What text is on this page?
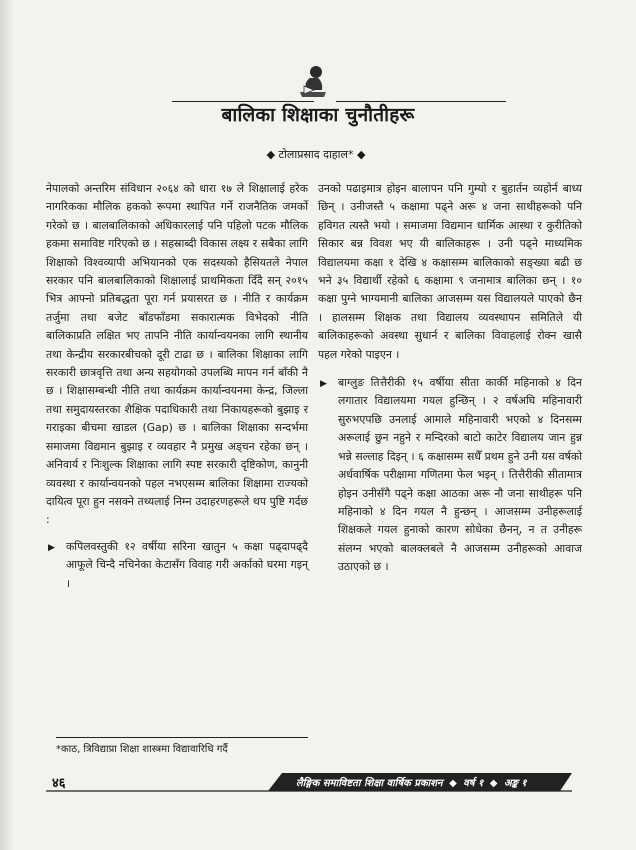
बालिका शिक्षाका चुनौतीहरू

◆ टोलाप्रसाद दाहाल* ◆

नेपालको अन्तरिम संविधान २०६४ को धारा १७ ले शिक्षालाई हरेक नागरिकका मौलिक हकको रूपमा स्थापित गर्ने राजनैतिक जमर्को गरेको छ । बालबालिकाको अधिकारलाई पनि पहिलो पटक मौलिक हकमा समाविष्ट गरिएको छ । सहस्राब्दी विकास लक्ष्य र सबैका लागि शिक्षाको विश्वव्यापी अभियानको एक सदस्यको हैसियतले नेपाल सरकार पनि बालबालिकाको शिक्षालाई प्राथमिकता दिँदै सन् २०१५ भित्र आफ्नो प्रतिबद्धता पूरा गर्न प्रयासरत छ । नीति र कार्यक्रम तर्जुमा तथा बजेट बाँडफाँडमा सकारात्मक विभेदको नीति बालिकाप्रति लक्षित भए तापनि नीति कार्यान्वयनका लागि स्थानीय तथा केन्द्रीय सरकारबीचको दूरी टाढा छ । बालिका शिक्षाका लागि सरकारी छात्रवृत्ति तथा अन्य सहयोगको उपलब्धि मापन गर्न बाँकी नै छ । शिक्षासम्बन्धी नीति तथा कार्यक्रम कार्यान्वयनमा केन्द्र, जिल्ला तथा समुदायस्तरका शैक्षिक पदाधिकारी तथा निकायहरूको बुझाइ र गराइका बीचमा खाडल (Gap) छ । बालिका शिक्षाका सन्दर्भमा समाजमा विद्यमान बुझाइ र व्यवहार नै प्रमुख अड्चन रहेका छन् । अनिवार्य र निःशुल्क शिक्षाका लागि स्पष्ट सरकारी दृष्टिकोण, कानुनी व्यवस्था र कार्यान्वयनको पहल नभएसम्म बालिका शिक्षामा राज्यको दायित्व पूरा हुन नसक्ने तथ्यलाई निम्न उदाहरणहरूले थप पुष्टि गर्दछ :

▶ कपिलवस्तुकी १२ वर्षीया सरिना खातुन ५ कक्षा पढ्दापढ्दै आफूले चिन्दै नचिनेका केटासँग विवाह गरी अर्काको घरमा गइन् ।

उनको पढाइमात्र होइन बालापन पनि गुम्यो र बुहार्तन व्यहोर्न बाध्य छिन् । उनीजस्तै ५ कक्षामा पढ्ने अरू ४ जना साथीहरूको पनि हविगत त्यस्तै भयो । समाजमा विद्यमान धार्मिक आस्था र कुरीतिको सिकार बन्न विवश भए यी बालिकाहरू । उनी पढ्ने माध्यमिक विद्यालयमा कक्षा १ देखि ४ कक्षासम्म बालिकाको सङ्ख्या बढी छ भने ३५ विद्यार्थी रहेको ६ कक्षामा ९ जनामात्र बालिका छन् । १० कक्षा पुग्ने भाग्यमानी बालिका आजसम्म यस विद्यालयले पाएको छैन । हालसम्म शिक्षक तथा विद्यालय व्यवस्थापन समितिले यी बालिकाहरूको अवस्था सुधार्न र बालिका विवाहलाई रोक्न खासै पहल गरेको पाइएन ।

▶ बाग्लुङ तित्तैरीकी १५ वर्षीया सीता कार्की महिनाको ४ दिन लगातार विद्यालयमा गयल हुन्छिन् । २ वर्षअघि महिनावारी सुरुभएपछि उनलाई आमाले महिनावारी भएको ४ दिनसम्म अरूलाई छुन नहुने र मन्दिरको बाटो काटेर विद्यालय जान हुन्न भन्ने सल्लाह दिइन् । ६ कक्षासम्म सधैँ प्रथम हुने उनी यस वर्षको अर्धवार्षिक परीक्षामा गणितमा फेल भइन् । तित्तैरीकी सीतामात्र होइन उनीसँगै पढ्ने कक्षा आठका अरू नौ जना साथीहरू पनि महिनाको ४ दिन गयल नै हुन्छन् । आजसम्म उनीहरूलाई शिक्षकले गयल हुनाको कारण सोधेका छैनन्, न त उनीहरू संलग्न भएको बालक्लबले नै आजसम्म उनीहरूको आवाज उठाएको छ ।

*काठ, त्रिविद्याप्रा शिक्षा शास्त्रमा विद्यावारिधि गर्दै

४६	लैङ्गिक समाविष्टता शिक्षा वार्षिक प्रकाशन ◆ वर्ष १ ◆ अङ्क १
